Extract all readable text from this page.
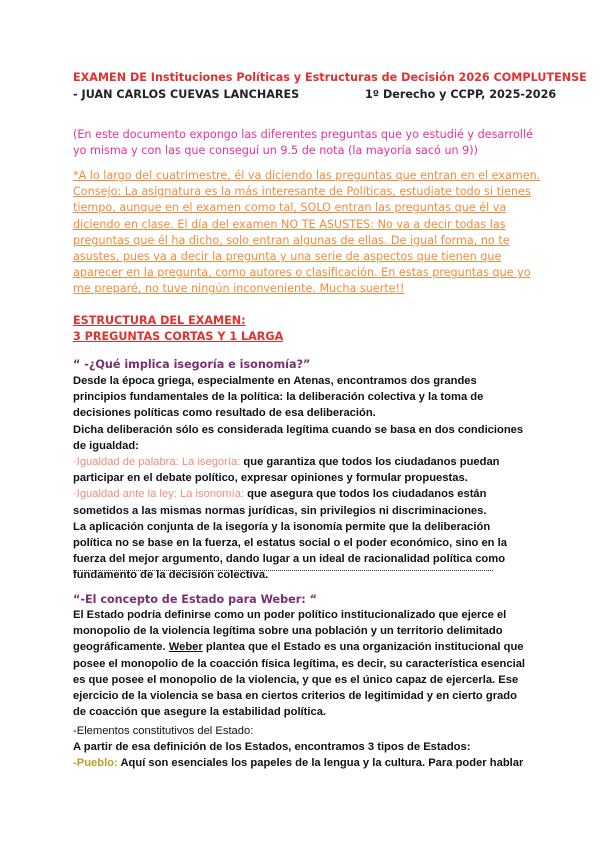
EXAMEN DE Instituciones Políticas y Estructuras de Decisión 2026 COMPLUTENSE
- JUAN CARLOS CUEVAS LANCHARES	1º Derecho y CCPP, 2025-2026
(En este documento expongo las diferentes preguntas que yo estudié y desarrollé
yo misma y con las que conseguí un 9.5 de nota (la mayoría sacó un 9))
*A lo largo del cuatrimestre, él va diciendo las preguntas que entran en el examen.
Consejo: La asignatura es la más interesante de Políticas, estudiate todo si tienes
tiempo, aunque en el examen como tal, SOLO entran las preguntas que él va
diciendo en clase. El día del examen NO TE ASUSTES: No va a decir todas las
preguntas que él ha dicho, solo entran algunas de ellas. De igual forma, no te
asustes, pues va a decir la pregunta y una serie de aspectos que tienen que
aparecer en la pregunta, como autores o clasificación. En estas preguntas que yo
me preparé, no tuve ningún inconveniente. Mucha suerte!!
ESTRUCTURA DEL EXAMEN:
3 PREGUNTAS CORTAS Y 1 LARGA
“ -¿Qué implica isegoría e isonomía?”
Desde la época griega, especialmente en Atenas, encontramos dos grandes
principios fundamentales de la política: la deliberación colectiva y la toma de
decisiones políticas como resultado de esa deliberación.
Dicha deliberación sólo es considerada legítima cuando se basa en dos condiciones
de igualdad:
·Igualdad de palabra: La isegoría: que garantiza que todos los ciudadanos puedan
participar en el debate político, expresar opiniones y formular propuestas.
·Igualdad ante la ley: La isonomía: que asegura que todos los ciudadanos están
sometidos a las mismas normas jurídicas, sin privilegios ni discriminaciones.
La aplicación conjunta de la isegoría y la isonomía permite que la deliberación
política no se base en la fuerza, el estatus social o el poder económico, sino en la
fuerza del mejor argumento, dando lugar a un ideal de racionalidad política como
fundamento de la decisión colectiva.
“-El concepto de Estado para Weber: “
El Estado podría definirse como un poder político institucionalizado que ejerce el
monopolio de la violencia legítima sobre una población y un territorio delimitado
geográficamente. Weber plantea que el Estado es una organización institucional que
posee el monopolio de la coacción física legítima, es decir, su característica esencial
es que posee el monopolio de la violencia, y que es el único capaz de ejercerla. Ese
ejercicio de la violencia se basa en ciertos criterios de legitimidad y en cierto grado
de coacción que asegure la estabilidad política.
-Elementos constitutivos del Estado:
A partir de esa definición de los Estados, encontramos 3 tipos de Estados:
-Pueblo: Aquí son esenciales los papeles de la lengua y la cultura. Para poder hablar
